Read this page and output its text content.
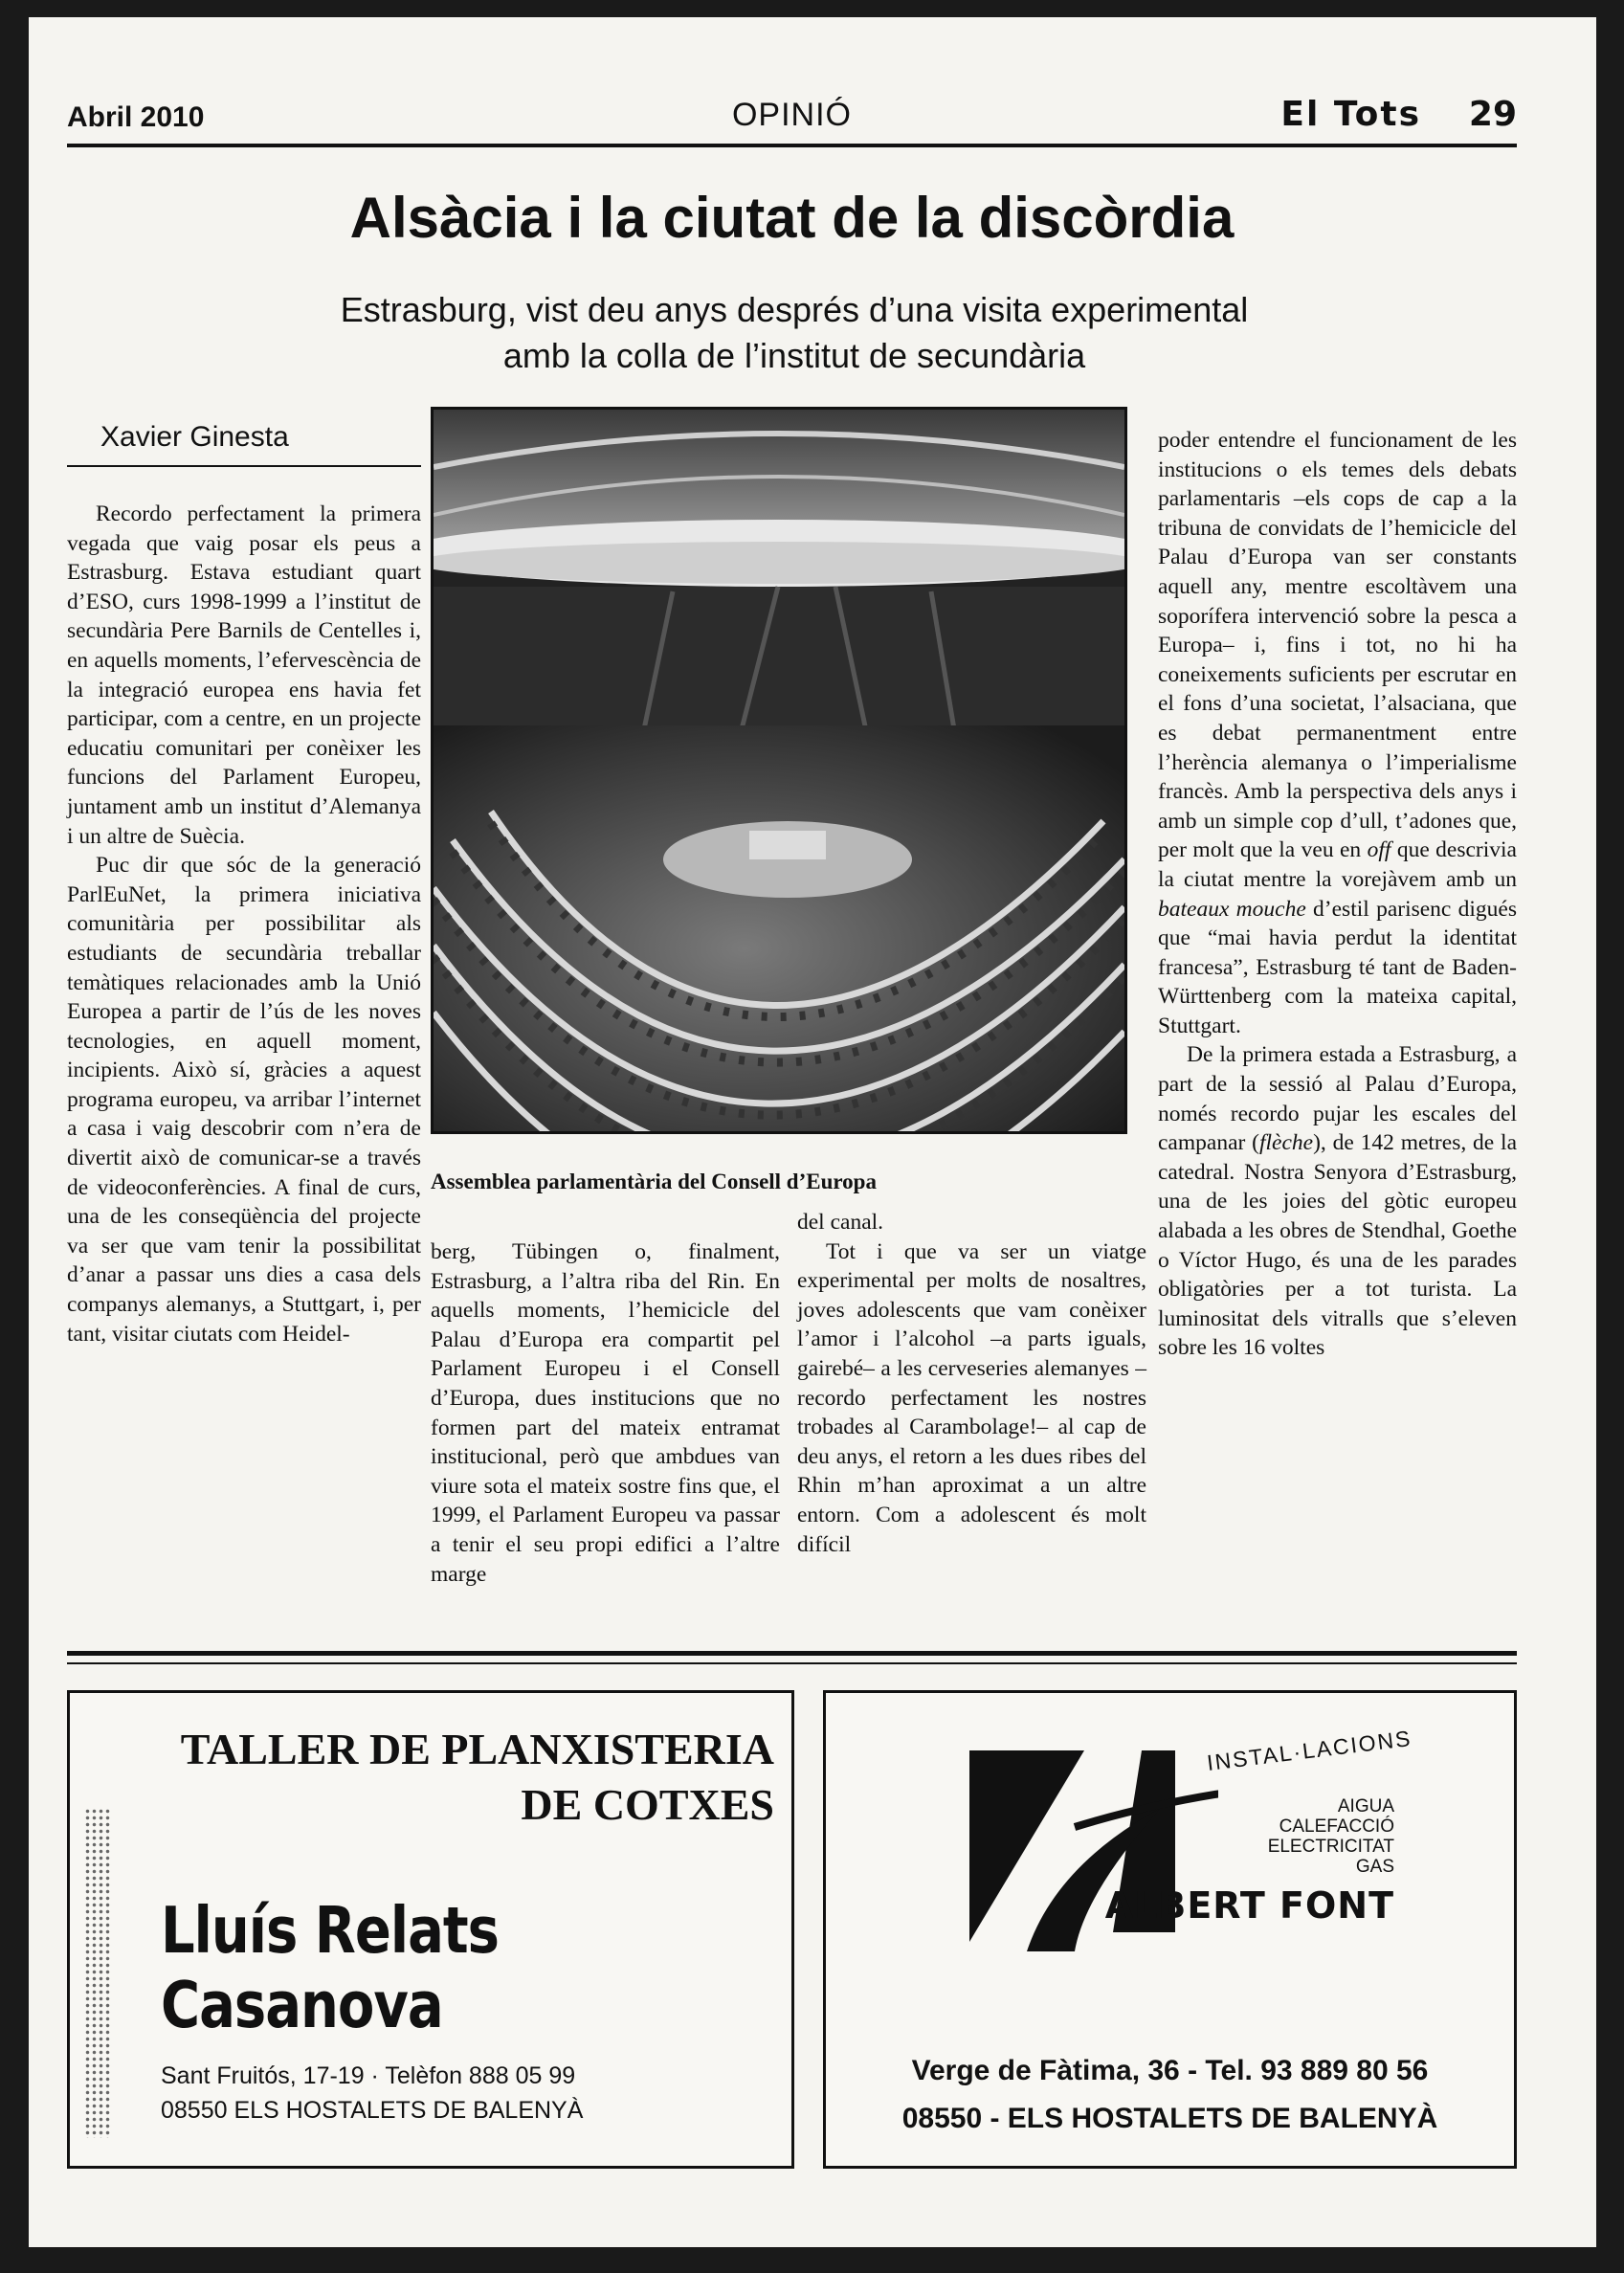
Abril 2010	OPINIÓ	El Tots 29
Alsàcia i la ciutat de la discòrdia
Estrasburg, vist deu anys després d’una visita experimental
amb la colla de l’institut de secundària
Xavier Ginesta

Recordo perfectament la primera vegada que vaig posar els peus a Estrasburg. Estava estudiant quart d’ESO, curs 1998-1999 a l’institut de secundària Pere Barnils de Centelles i, en aquells moments, l’efervescència de la integració europea ens havia fet participar, com a centre, en un projecte educatiu comunitari per conèixer les funcions del Parlament Europeu, juntament amb un institut d’Alemanya i un altre de Suècia.

Puc dir que sóc de la generació ParlEuNet, la primera iniciativa comunitària per possibilitar als estudiants de secundària treballar temàtiques relacionades amb la Unió Europea a partir de l’ús de les noves tecnologies, en aquell moment, incipients. Això sí, gràcies a aquest programa europeu, va arribar l’internet a casa i vaig descobrir com n’era de divertit això de comunicar-se a través de videoconferències. A final de curs, una de les conseqüència del projecte va ser que vam tenir la possibilitat d’anar a passar uns dies a casa dels companys alemanys, a Stuttgart, i, per tant, visitar ciutats com Heidel-

Assemblea parlamentària del Consell d’Europa

berg, Tübingen o, finalment, Estrasburg, a l’altra riba del Rin. En aquells moments, l’hemicicle del Palau d’Europa era compartit pel Parlament Europeu i el Consell d’Europa, dues institucions que no formen part del mateix entramat institucional, però que ambdues van viure sota el mateix sostre fins que, el 1999, el Parlament Europeu va passar a tenir el seu propi edifici a l’altre marge

del canal.

Tot i que va ser un viatge experimental per molts de nosaltres, joves adolescents que vam conèixer l’amor i l’alcohol –a parts iguals, gairebé– a les cerveseries alemanyes –recordo perfectament les nostres trobades al Carambolage!– al cap de deu anys, el retorn a les dues ribes del Rhin m’han aproximat a un altre entorn. Com a adolescent és molt difícil

poder entendre el funcionament de les institucions o els temes dels debats parlamentaris –els cops de cap a la tribuna de convidats de l’hemicicle del Palau d’Europa van ser constants aquell any, mentre escoltàvem una soporífera intervenció sobre la pesca a Europa– i, fins i tot, no hi ha coneixements suficients per escrutar en el fons d’una societat, l’alsaciana, que es debat permanentment entre l’herència alemanya o l’imperialisme francès. Amb la perspectiva dels anys i amb un simple cop d’ull, t’adones que, per molt que la veu en off que descrivia la ciutat mentre la vorejàvem amb un bateaux mouche d’estil parisenc digués que “mai havia perdut la identitat francesa”, Estrasburg té tant de Baden-Württenberg com la mateixa capital, Stuttgart.

De la primera estada a Estrasburg, a part de la sessió al Palau d’Europa, només recordo pujar les escales del campanar (flèche), de 142 metres, de la catedral. Nostra Senyora d’Estrasburg, una de les joies del gòtic europeu alabada a les obres de Stendhal, Goethe o Víctor Hugo, és una de les parades obligatòries per a tot turista. La luminositat dels vitralls que s’eleven sobre les 16 voltes

TALLER DE PLANXISTERIA
DE COTXES
Lluís Relats Casanova
Sant Fruitós, 17-19 · Telèfon 888 05 99
08550 ELS HOSTALETS DE BALENYÀ
INSTAL·LACIONS
AIGUA
CALEFACCIÓ
ELECTRICITAT
GAS
ALBERT FONT
Verge de Fàtima, 36 - Tel. 93 889 80 56
08550 - ELS HOSTALETS DE BALENYÀ
